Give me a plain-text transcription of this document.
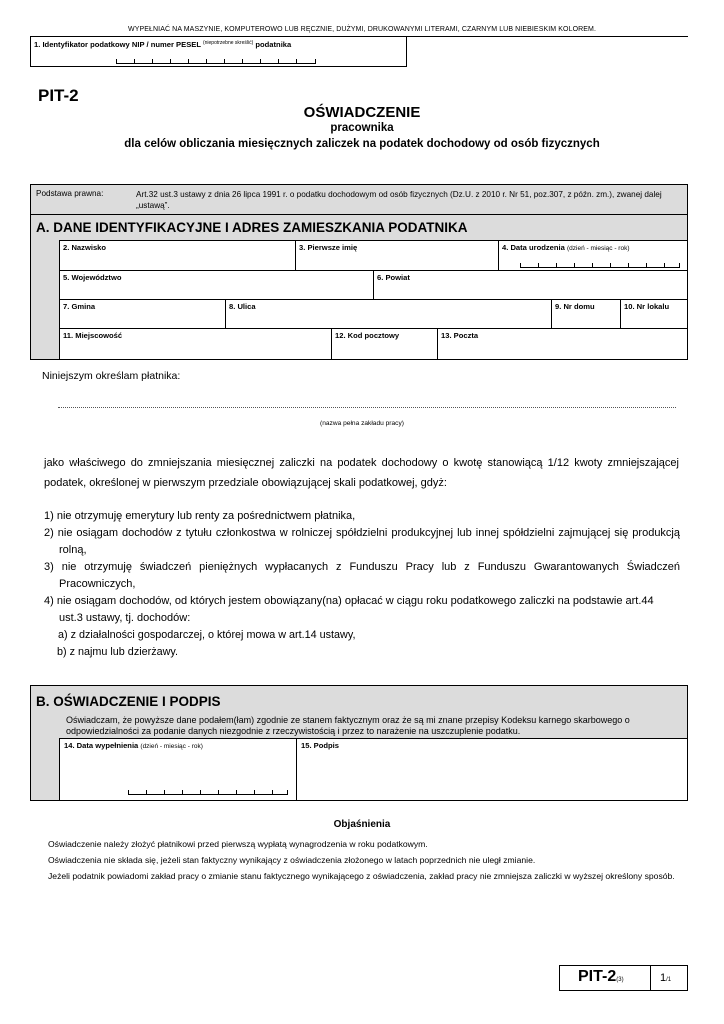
WYPEŁNIAĆ NA MASZYNIE, KOMPUTEROWO LUB RĘCZNIE, DUŻYMI, DRUKOWANYMI LITERAMI, CZARNYM LUB NIEBIESKIM KOLOREM.
1. Identyfikator podatkowy NIP / numer PESEL $^{(niepotrzebne skreślić)}$ podatnika
PIT-2
OŚWIADCZENIE
pracownika
dla celów obliczania miesięcznych zaliczek na podatek dochodowy od osób fizycznych
Podstawa prawna:	Art.32 ust.3 ustawy z dnia 26 lipca 1991 r. o podatku dochodowym od osób fizycznych (Dz.U. z 2010 r. Nr 51, poz.307, z późn. zm.), zwanej dalej „ustawą”.
A. DANE IDENTYFIKACYJNE I ADRES ZAMIESZKANIA PODATNIKA
2. Nazwisko	3. Pierwsze imię	4. Data urodzenia (dzień - miesiąc - rok)
5. Województwo	6. Powiat
7. Gmina	8. Ulica	9. Nr domu	10. Nr lokalu
11. Miejscowość	12. Kod pocztowy	13. Poczta
Niniejszym określam płatnika:
(nazwa pełna zakładu pracy)
jako właściwego do zmniejszania miesięcznej zaliczki na podatek dochodowy o kwotę stanowiącą 1/12 kwoty zmniejszającej podatek, określonej w pierwszym przedziale obowiązującej skali podatkowej, gdyż:
1) nie otrzymuję emerytury lub renty za pośrednictwem płatnika,
2) nie osiągam dochodów z tytułu członkostwa w rolniczej spółdzielni produkcyjnej lub innej spółdzielni zajmującej się produkcją rolną,
3) nie otrzymuję świadczeń pieniężnych wypłacanych z Funduszu Pracy lub z Funduszu Gwarantowanych Świadczeń Pracowniczych,
4) nie osiągam dochodów, od których jestem obowiązany(na) opłacać w ciągu roku podatkowego zaliczki na podstawie art.44 ust.3 ustawy, tj. dochodów:
a) z działalności gospodarczej, o której mowa w art.14 ustawy,
b) z najmu lub dzierżawy.
B. OŚWIADCZENIE I PODPIS
Oświadczam, że powyższe dane podałem(łam) zgodnie ze stanem faktycznym oraz że są mi znane przepisy Kodeksu karnego skarbowego o odpowiedzialności za podanie danych niezgodnie z rzeczywistością i przez to narażenie na uszczuplenie podatku.
14. Data wypełnienia (dzień - miesiąc - rok)	15. Podpis
Objaśnienia
Oświadczenie należy złożyć płatnikowi przed pierwszą wypłatą wynagrodzenia w roku podatkowym.
Oświadczenia nie składa się, jeżeli stan faktyczny wynikający z oświadczenia złożonego w latach poprzednich nie uległ zmianie.
Jeżeli podatnik powiadomi zakład pracy o zmianie stanu faktycznego wynikającego z oświadczenia, zakład pracy nie zmniejsza zaliczki w wyższej określony sposób.
PIT-2(3)	1/1
